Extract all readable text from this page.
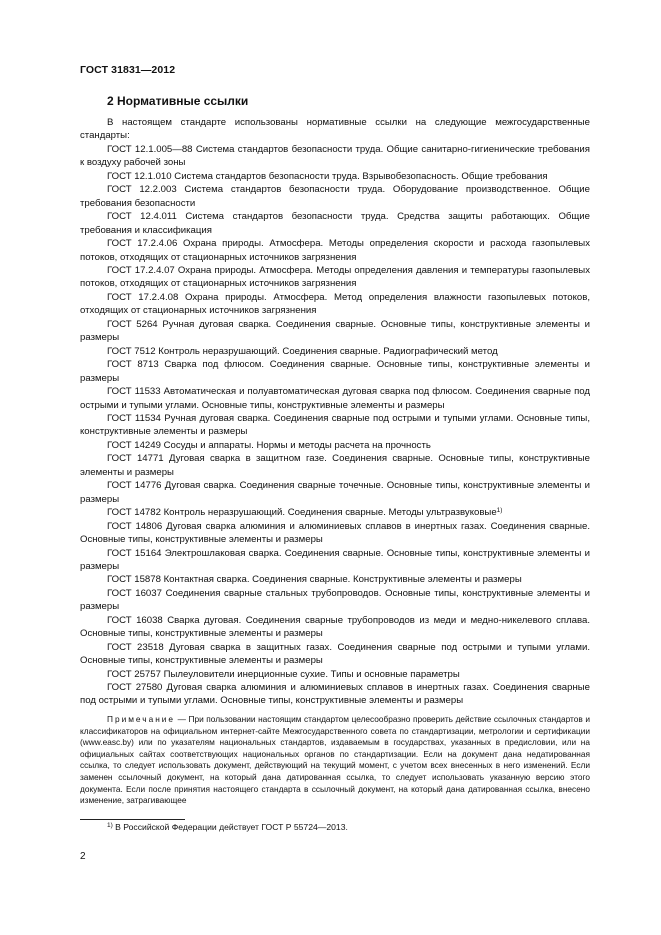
ГОСТ 31831—2012
2 Нормативные ссылки

В настоящем стандарте использованы нормативные ссылки на следующие межгосударственные стандарты:

ГОСТ 12.1.005—88 Система стандартов безопасности труда. Общие санитарно-гигиенические требования к воздуху рабочей зоны

ГОСТ 12.1.010 Система стандартов безопасности труда. Взрывобезопасность. Общие требования

ГОСТ 12.2.003 Система стандартов безопасности труда. Оборудование производственное. Общие требования безопасности

ГОСТ 12.4.011 Система стандартов безопасности труда. Средства защиты работающих. Общие требования и классификация

ГОСТ 17.2.4.06 Охрана природы. Атмосфера. Методы определения скорости и расхода газопылевых потоков, отходящих от стационарных источников загрязнения

ГОСТ 17.2.4.07 Охрана природы. Атмосфера. Методы определения давления и температуры газопылевых потоков, отходящих от стационарных источников загрязнения

ГОСТ 17.2.4.08 Охрана природы. Атмосфера. Метод определения влажности газопылевых потоков, отходящих от стационарных источников загрязнения

ГОСТ 5264 Ручная дуговая сварка. Соединения сварные. Основные типы, конструктивные элементы и размеры

ГОСТ 7512 Контроль неразрушающий. Соединения сварные. Радиографический метод

ГОСТ 8713 Сварка под флюсом. Соединения сварные. Основные типы, конструктивные элементы и размеры

ГОСТ 11533 Автоматическая и полуавтоматическая дуговая сварка под флюсом. Соединения сварные под острыми и тупыми углами. Основные типы, конструктивные элементы и размеры

ГОСТ 11534 Ручная дуговая сварка. Соединения сварные под острыми и тупыми углами. Основные типы, конструктивные элементы и размеры

ГОСТ 14249 Сосуды и аппараты. Нормы и методы расчета на прочность

ГОСТ 14771 Дуговая сварка в защитном газе. Соединения сварные. Основные типы, конструктивные элементы и размеры

ГОСТ 14776 Дуговая сварка. Соединения сварные точечные. Основные типы, конструктивные элементы и размеры

ГОСТ 14782 Контроль неразрушающий. Соединения сварные. Методы ультразвуковые$^{1)}$

ГОСТ 14806 Дуговая сварка алюминия и алюминиевых сплавов в инертных газах. Соединения сварные. Основные типы, конструктивные элементы и размеры

ГОСТ 15164 Электрошлаковая сварка. Соединения сварные. Основные типы, конструктивные элементы и размеры

ГОСТ 15878 Контактная сварка. Соединения сварные. Конструктивные элементы и размеры

ГОСТ 16037 Соединения сварные стальных трубопроводов. Основные типы, конструктивные элементы и размеры

ГОСТ 16038 Сварка дуговая. Соединения сварные трубопроводов из меди и медно-никелевого сплава. Основные типы, конструктивные элементы и размеры

ГОСТ 23518 Дуговая сварка в защитных газах. Соединения сварные под острыми и тупыми углами. Основные типы, конструктивные элементы и размеры

ГОСТ 25757 Пылеуловители инерционные сухие. Типы и основные параметры

ГОСТ 27580 Дуговая сварка алюминия и алюминиевых сплавов в инертных газах. Соединения сварные под острыми и тупыми углами. Основные типы, конструктивные элементы и размеры

Примечание — При пользовании настоящим стандартом целесообразно проверить действие ссылочных стандартов и классификаторов на официальном интернет-сайте Межгосударственного совета по стандартизации, метрологии и сертификации (www.easc.by) или по указателям национальных стандартов, издаваемым в государствах, указанных в предисловии, или на официальных сайтах соответствующих национальных органов по стандартизации. Если на документ дана недатированная ссылка, то следует использовать документ, действующий на текущий момент, с учетом всех внесенных в него изменений. Если заменен ссылочный документ, на который дана датированная ссылка, то следует использовать указанную версию этого документа. Если после принятия настоящего стандарта в ссылочный документ, на который дана датированная ссылка, внесено изменение, затрагивающее
$^{1)}$ В Российской Федерации действует ГОСТ Р 55724—2013.
2
